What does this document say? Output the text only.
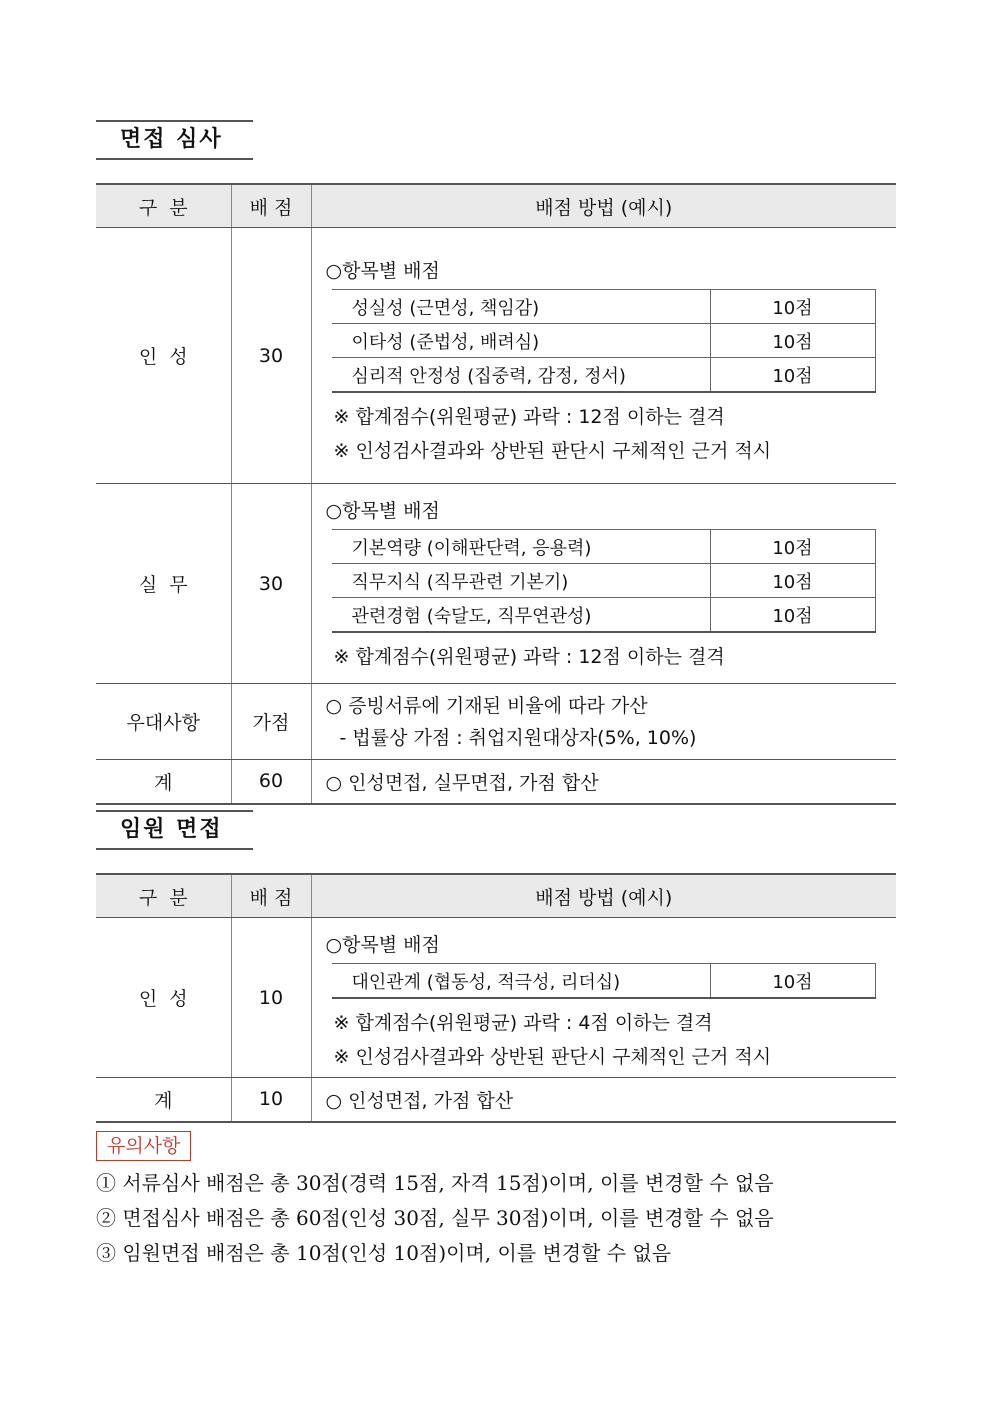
면접 심사
구  분	배 점	배점 방법 (예시)
인  성	30	
○항목별 배점
성실성 (근면성, 책임감)	10점
이타성 (준법성, 배려심)	10점
심리적 안정성 (집중력, 감정, 정서)	10점
※ 합계점수(위원평균) 과락 : 12점 이하는 결격
※ 인성검사결과와 상반된 판단시 구체적인 근거 적시

실  무	30	
○항목별 배점
기본역량 (이해판단력, 응용력)	10점
직무지식 (직무관련 기본기)	10점
관련경험 (숙달도, 직무연관성)	10점
※ 합계점수(위원평균) 과락 : 12점 이하는 결격

우대사항	가점	
○ 증빙서류에 기재된 비율에 따라 가산
- 법률상 가점 : 취업지원대상자(5%, 10%)

계	60	○ 인성면접, 실무면접, 가점 합산
임원 면접
구  분	배 점	배점 방법 (예시)
인  성	10	
○항목별 배점
대인관계 (협동성, 적극성, 리더십)	10점
※ 합계점수(위원평균) 과락 : 4점 이하는 결격
※ 인성검사결과와 상반된 판단시 구체적인 근거 적시

계	10	○ 인성면접, 가점 합산
유의사항
① 서류심사 배점은 총 30점(경력 15점, 자격 15점)이며, 이를 변경할 수 없음
② 면접심사 배점은 총 60점(인성 30점, 실무 30점)이며, 이를 변경할 수 없음
③ 임원면접 배점은 총 10점(인성 10점)이며, 이를 변경할 수 없음
